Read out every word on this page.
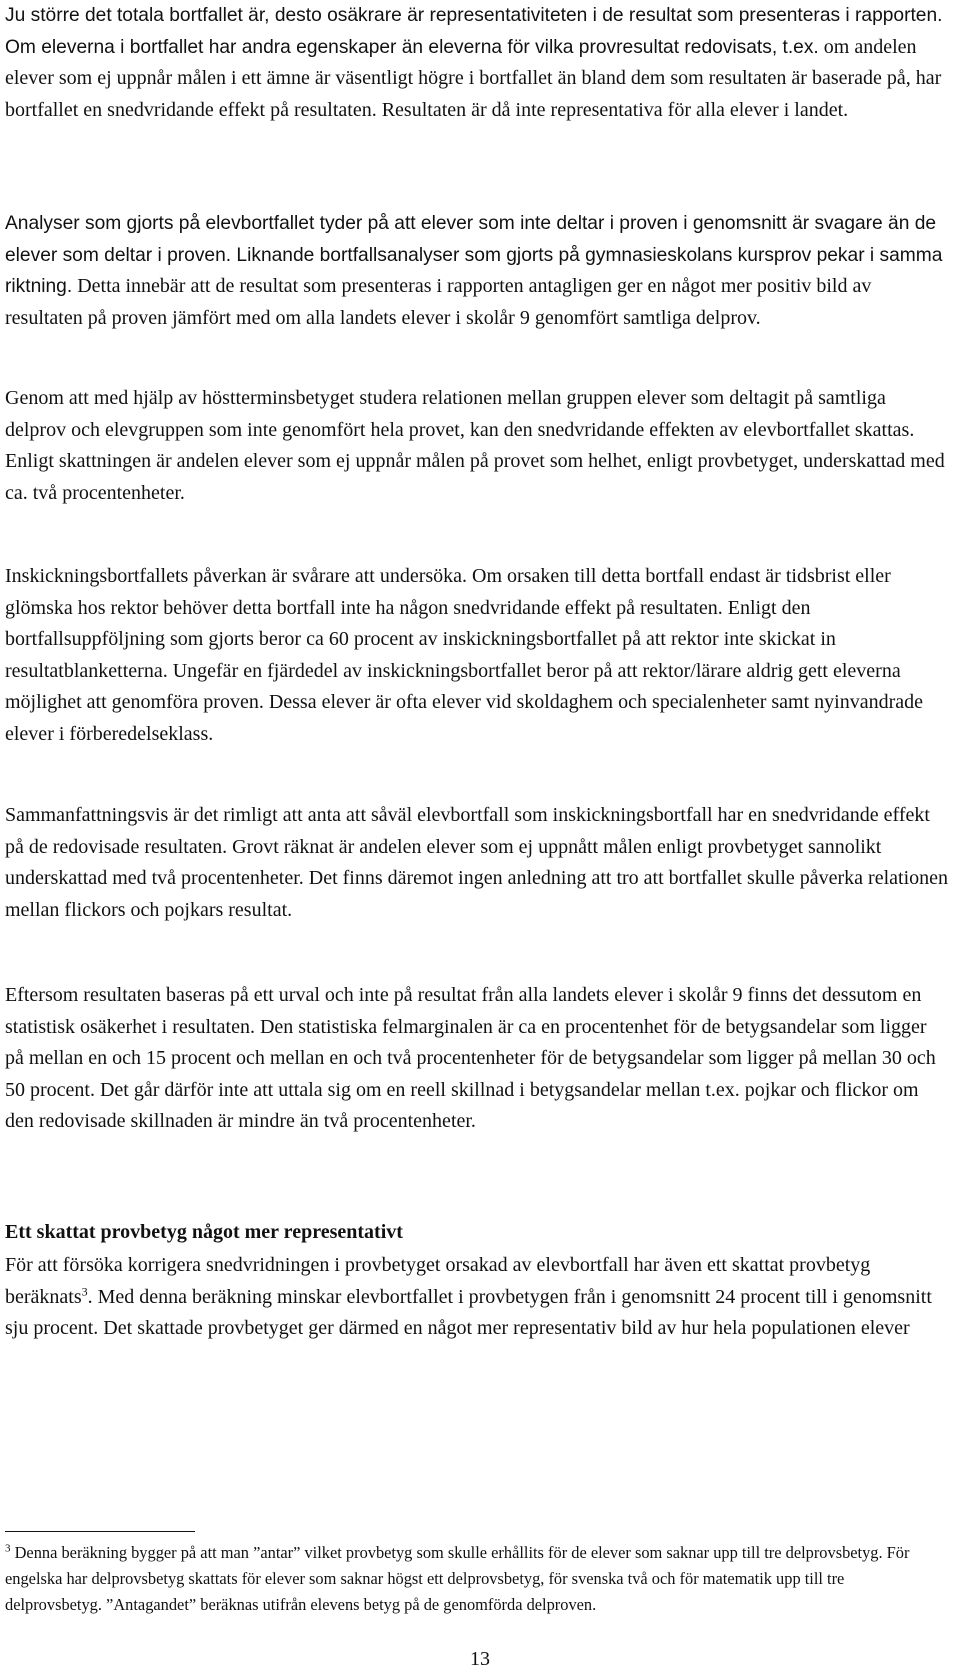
Ju större det totala bortfallet är, desto osäkrare är representativiteten i de resultat som presenteras i rapporten. Om eleverna i bortfallet har andra egenskaper än eleverna för vilka provresultat redovisats, t.ex. om andelen elever som ej uppnår målen i ett ämne är väsentligt högre i bortfallet än bland dem som resultaten är baserade på, har bortfallet en snedvridande effekt på resultaten. Resultaten är då inte representativa för alla elever i landet.

Analyser som gjorts på elevbortfallet tyder på att elever som inte deltar i proven i genomsnitt är svagare än de elever som deltar i proven. Liknande bortfallsanalyser som gjorts på gymnasieskolans kursprov pekar i samma riktning. Detta innebär att de resultat som presenteras i rapporten antagligen ger en något mer positiv bild av resultaten på proven jämfört med om alla landets elever i skolår 9 genomfört samtliga delprov.

Genom att med hjälp av höstterminsbetyget studera relationen mellan gruppen elever som deltagit på samtliga delprov och elevgruppen som inte genomfört hela provet, kan den snedvridande effekten av elevbortfallet skattas. Enligt skattningen är andelen elever som ej uppnår målen på provet som helhet, enligt provbetyget, underskattad med ca. två procentenheter.

Inskickningsbortfallets påverkan är svårare att undersöka. Om orsaken till detta bortfall endast är tidsbrist eller glömska hos rektor behöver detta bortfall inte ha någon snedvridande effekt på resultaten. Enligt den bortfallsuppföljning som gjorts beror ca 60 procent av inskickningsbortfallet på att rektor inte skickat in resultatblanketterna. Ungefär en fjärdedel av inskickningsbortfallet beror på att rektor/lärare aldrig gett eleverna möjlighet att genomföra proven. Dessa elever är ofta elever vid skoldaghem och specialenheter samt nyinvandrade elever i förberedelseklass.

Sammanfattningsvis är det rimligt att anta att såväl elevbortfall som inskickningsbortfall har en snedvridande effekt på de redovisade resultaten. Grovt räknat är andelen elever som ej uppnått målen enligt provbetyget sannolikt underskattad med två procentenheter. Det finns däremot ingen anledning att tro att bortfallet skulle påverka relationen mellan flickors och pojkars resultat.

Eftersom resultaten baseras på ett urval och inte på resultat från alla landets elever i skolår 9 finns det dessutom en statistisk osäkerhet i resultaten. Den statistiska felmarginalen är ca en procentenhet för de betygsandelar som ligger på mellan en och 15 procent och mellan en och två procentenheter för de betygsandelar som ligger på mellan 30 och 50 procent. Det går därför inte att uttala sig om en reell skillnad i betygsandelar mellan t.ex. pojkar och flickor om den redovisade skillnaden är mindre än två procentenheter.

Ett skattat provbetyg något mer representativt

För att försöka korrigera snedvridningen i provbetyget orsakad av elevbortfall har även ett skattat provbetyg beräknats$^3$. Med denna beräkning minskar elevbortfallet i provbetygen från i genomsnitt 24 procent till i genomsnitt sju procent. Det skattade provbetyget ger därmed en något mer representativ bild av hur hela populationen elever

$^3$ Denna beräkning bygger på att man ”antar” vilket provbetyg som skulle erhållits för de elever som saknar upp till tre delprovsbetyg. För engelska har delprovsbetyg skattats för elever som saknar högst ett delprovsbetyg, för svenska två och för matematik upp till tre delprovsbetyg. ”Antagandet” beräknas utifrån elevens betyg på de genomförda delproven.

13
